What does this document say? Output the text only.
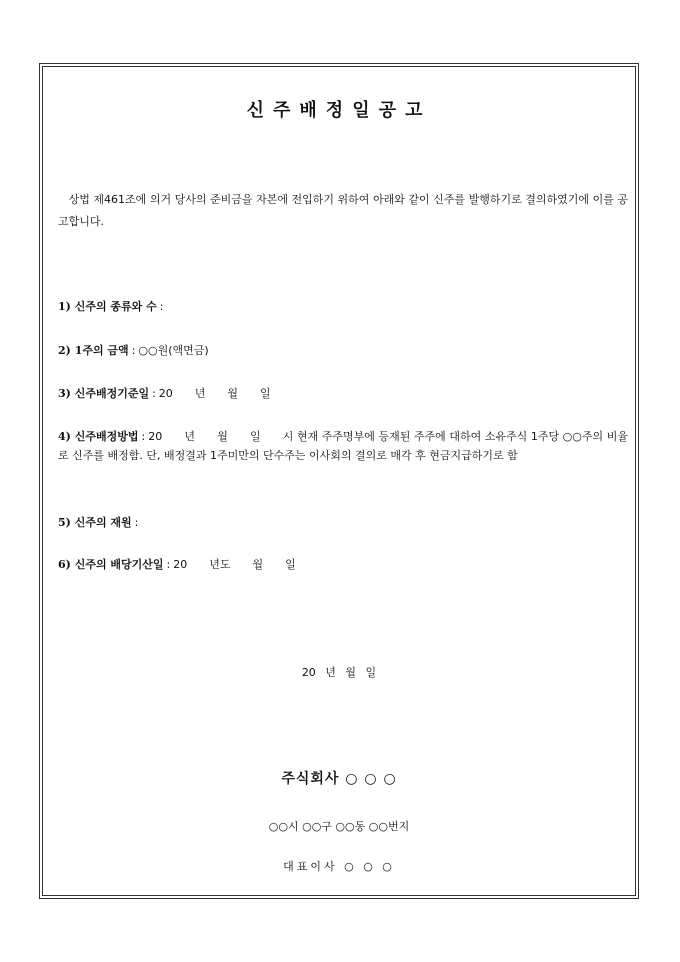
신주배정일공고

상법 제461조에 의거 당사의 준비금을 자본에 전입하기 위하여 아래와 같이 신주를 발행하기로 결의하였기에 이를 공고합니다.

1) 신주의 종류와 수 :

2) 1주의 금액 : ○○원(액면금)

3) 신주배정기준일 : 20　　년　　월　　일

4) 신주배정방법 : 20　　년　　월　　일　　시 현재 주주명부에 등재된 주주에 대하여 소유주식 1주당 ○○주의 비율로 신주를 배정함. 단, 배정결과 1주미만의 단수주는 이사회의 결의로 매각 후 현금지급하기로 함

5) 신주의 재원 :

6) 신주의 배당기산일 : 20　　년도　　월　　일

20 년 월 일

주식회사 ○ ○ ○

○○시 ○○구 ○○동 ○○번지

대표이사 ○ ○ ○
